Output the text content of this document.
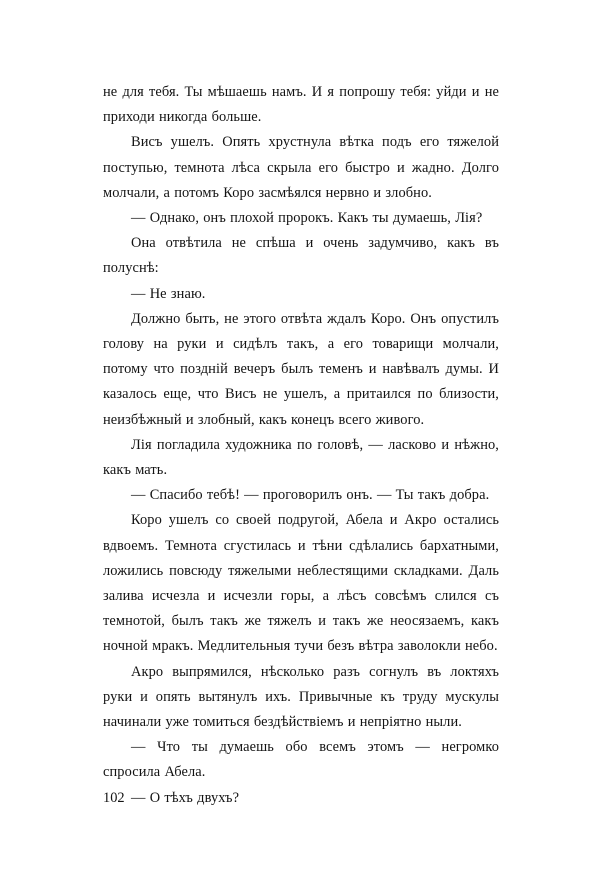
не для тебя. Ты мѣшаешь намъ. И я попрошу тебя: уйди и не приходи никогда больше.

Висъ ушелъ. Опять хрустнула вѣтка подъ его тяжелой поступью, темнота лѣса скрыла его быстро и жадно. Долго молчали, а потомъ Коро засмѣялся нервно и злобно.

— Однако, онъ плохой пророкъ. Какъ ты думаешь, Лія?

Она отвѣтила не спѣша и очень задумчиво, какъ въ полуснѣ:

— Не знаю.

Должно быть, не этого отвѣта ждалъ Коро. Онъ опустилъ голову на руки и сидѣлъ такъ, а его товарищи молчали, потому что поздній вечеръ былъ теменъ и навѣвалъ думы. И казалось еще, что Висъ не ушелъ, а притаился по близости, неизбѣжный и злобный, какъ конецъ всего живого.

Лія погладила художника по головѣ, — ласково и нѣжно, какъ мать.

— Спасибо тебѣ! — проговорилъ онъ. — Ты такъ добра.

Коро ушелъ со своей подругой, Абела и Акро остались вдвоемъ. Темнота сгустилась и тѣни сдѣлались бархатными, ложились повсюду тяжелыми неблестящими складками. Даль залива исчезла и исчезли горы, а лѣсъ совсѣмъ слился съ темнотой, былъ такъ же тяжелъ и такъ же неосязаемъ, какъ ночной мракъ. Медлительныя тучи безъ вѣтра заволокли небо.

Акро выпрямился, нѣсколько разъ согнулъ въ локтяхъ руки и опять вытянулъ ихъ. Привычные къ труду мускулы начинали уже томиться бездѣйствіемъ и непріятно ныли.

— Что ты думаешь обо всемъ этомъ — негромко спросила Абела.

— О тѣхъ двухъ?

102
